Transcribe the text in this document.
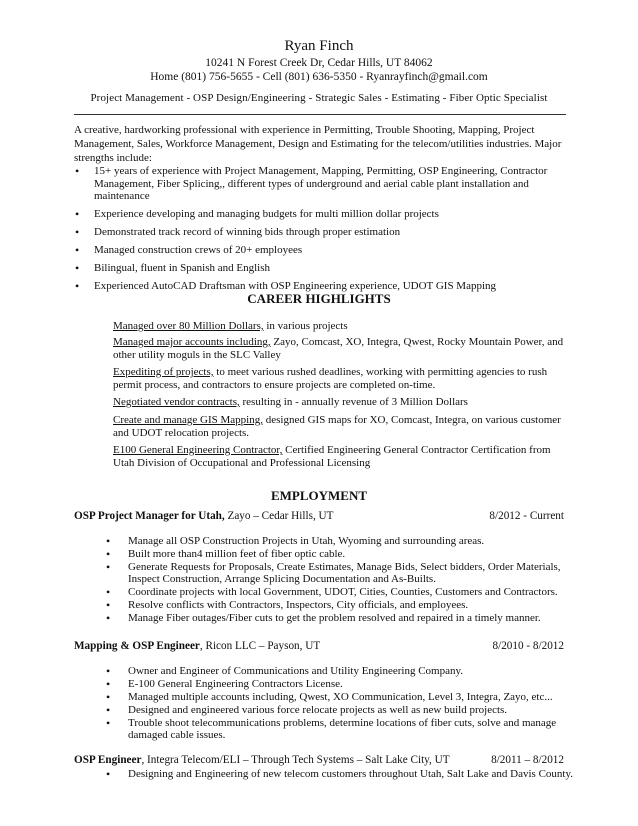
Ryan Finch
10241 N Forest Creek Dr, Cedar Hills, UT 84062
Home (801) 756-5655 - Cell (801) 636-5350 - Ryanrayfinch@gmail.com
Project Management - OSP Design/Engineering - Strategic Sales - Estimating - Fiber Optic Specialist
A creative, hardworking professional with experience in Permitting, Trouble Shooting, Mapping, Project Management, Sales, Workforce Management, Design and Estimating for the telecom/utilities industries. Major strengths include:
• 15+ years of experience with Project Management, Mapping, Permitting, OSP Engineering, Contractor Management, Fiber Splicing,, different types of underground and aerial cable plant installation and maintenance
• Experience developing and managing budgets for multi million dollar projects
• Demonstrated track record of winning bids through proper estimation
• Managed construction crews of 20+ employees
• Bilingual, fluent in Spanish and English
• Experienced AutoCAD Draftsman with OSP Engineering experience, UDOT GIS Mapping
CAREER HIGHLIGHTS
Managed over 80 Million Dollars, in various projects
Managed major accounts including, Zayo, Comcast, XO, Integra, Qwest, Rocky Mountain Power, and other utility moguls in the SLC Valley
Expediting of projects, to meet various rushed deadlines, working with permitting agencies to rush permit process, and contractors to ensure projects are completed on-time.
Negotiated vendor contracts, resulting in - annually revenue of 3 Million Dollars
Create and manage GIS Mapping, designed GIS maps for XO, Comcast, Integra, on various customer and UDOT relocation projects.
E100 General Engineering Contractor, Certified Engineering General Contractor Certification from Utah Division of Occupational and Professional Licensing
EMPLOYMENT
OSP Project Manager for Utah, Zayo – Cedar Hills, UT	8/2012 - Current
• Manage all OSP Construction Projects in Utah, Wyoming and surrounding areas.
• Built more than4 million feet of fiber optic cable.
• Generate Requests for Proposals, Create Estimates, Manage Bids, Select bidders, Order Materials, Inspect Construction, Arrange Splicing Documentation and As-Builts.
• Coordinate projects with local Government, UDOT, Cities, Counties, Customers and Contractors.
• Resolve conflicts with Contractors, Inspectors, City officials, and employees.
• Manage Fiber outages/Fiber cuts to get the problem resolved and repaired in a timely manner.
Mapping & OSP Engineer, Ricon LLC – Payson, UT	8/2010 - 8/2012
• Owner and Engineer of Communications and Utility Engineering Company.
• E-100 General Engineering Contractors License.
• Managed multiple accounts including, Qwest, XO Communication, Level 3, Integra, Zayo, etc...
• Designed and engineered various force relocate projects as well as new build projects.
• Trouble shoot telecommunications problems, determine locations of fiber cuts, solve and manage damaged cable issues.
OSP Engineer, Integra Telecom/ELI – Through Tech Systems – Salt Lake City, UT	8/2011 – 8/2012
• Designing and Engineering of new telecom customers throughout Utah, Salt Lake and Davis County.
